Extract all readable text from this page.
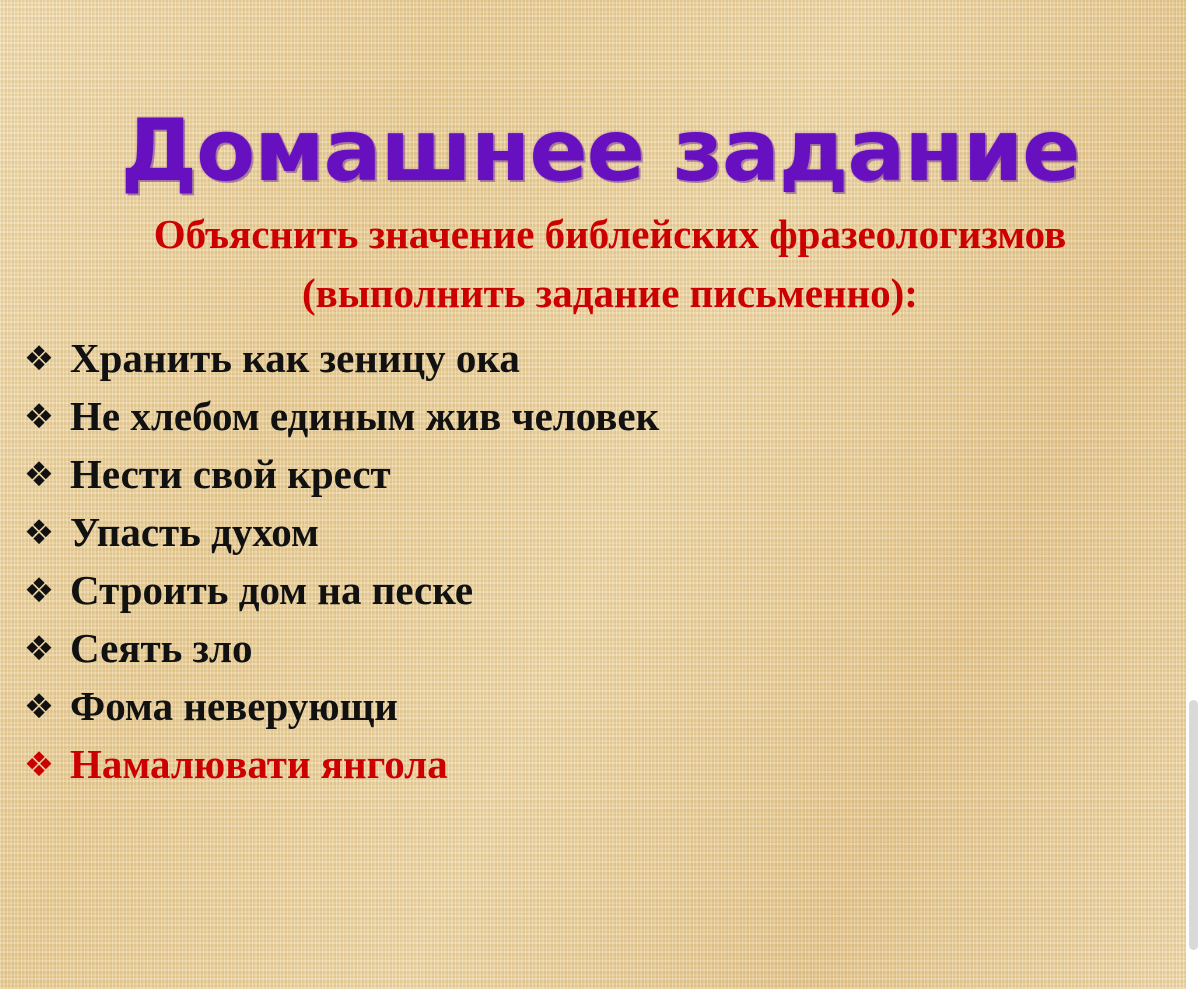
Домашнее задание
Объяснить значение библейских фразеологизмов
(выполнить задание письменно):
❖ Хранить как зеницу ока
❖ Не хлебом единым жив человек
❖ Нести свой крест
❖ Упасть духом
❖ Строить дом на песке
❖ Сеять зло
❖ Фома неверующи
❖ Намалювати янгола
